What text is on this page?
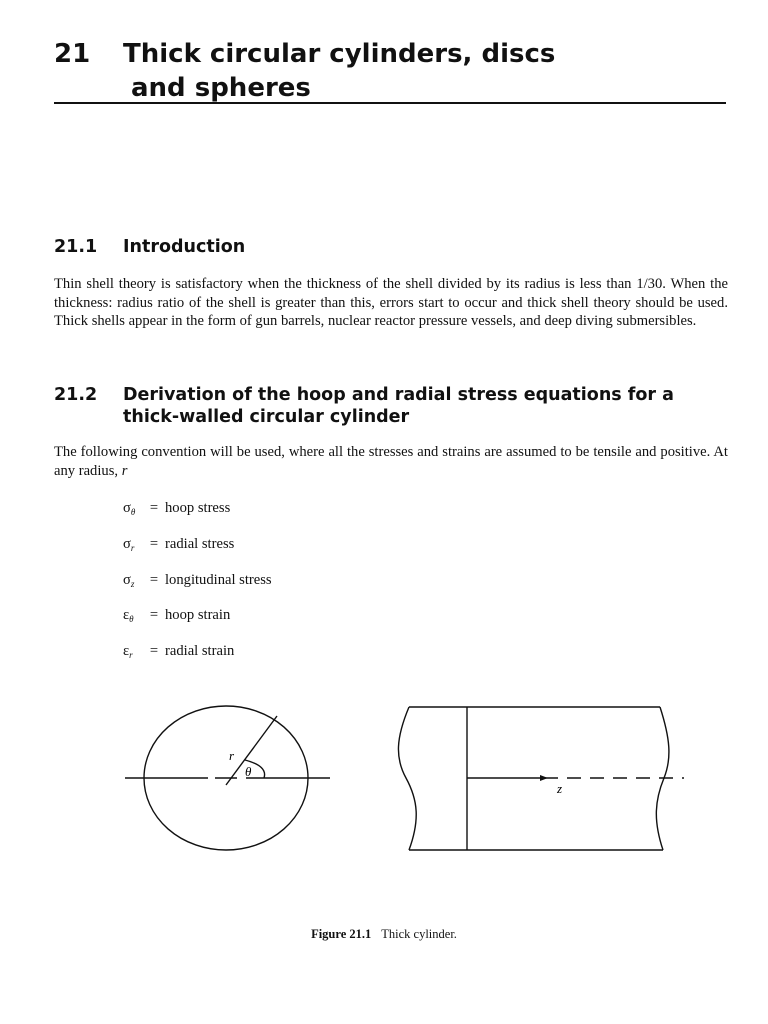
21 Thick circular cylinders, discs
and spheres
21.1 Introduction

Thin shell theory is satisfactory when the thickness of the shell divided by its radius is less than 1/30. When the thickness: radius ratio of the shell is greater than this, errors start to occur and thick shell theory should be used. Thick shells appear in the form of gun barrels, nuclear reactor pressure vessels, and deep diving submersibles.

21.2 Derivation of the hoop and radial stress equations for a thick-walled circular cylinder

The following convention will be used, where all the stresses and strains are assumed to be tensile and positive. At any radius, r

$\sigma_\theta$ = hoop stress
$\sigma_r$ = radial stress
$\sigma_z$ = longitudinal stress
$\varepsilon_\theta$ = hoop strain
$\varepsilon_r$ = radial strain
r
θ
z
Figure 21.1 Thick cylinder.
